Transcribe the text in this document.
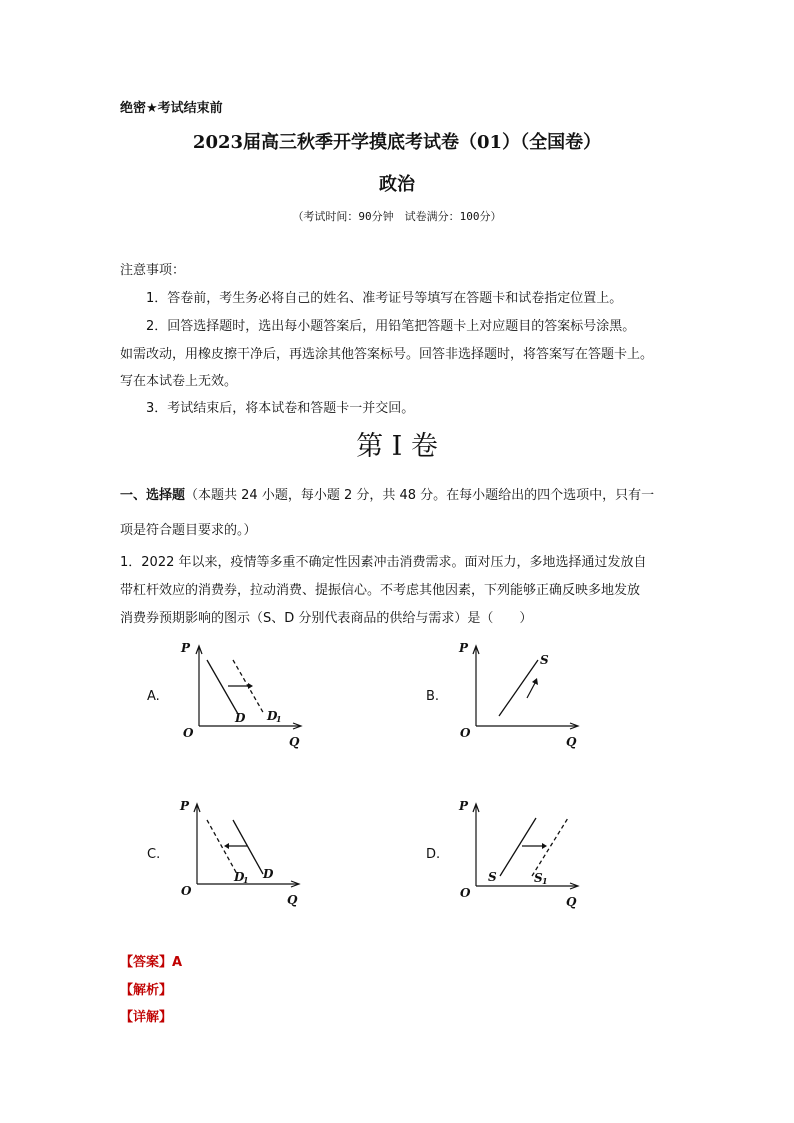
绝密★考试结束前
2023届高三秋季开学摸底考试卷（01）（全国卷）
政治
（考试时间：90分钟　试卷满分：100分）
注意事项：
1．答卷前，考生务必将自己的姓名、准考证号等填写在答题卡和试卷指定位置上。
2．回答选择题时，选出每小题答案后，用铅笔把答题卡上对应题目的答案标号涂黑。
如需改动，用橡皮擦干净后，再选涂其他答案标号。回答非选择题时，将答案写在答题卡上。
写在本试卷上无效。
3．考试结束后，将本试卷和答题卡一并交回。
第 I 卷
一、选择题（本题共 24 小题，每小题 2 分，共 48 分。在每小题给出的四个选项中，只有一
项是符合题目要求的。）
1．2022 年以来，疫情等多重不确定性因素冲击消费需求。面对压力，多地选择通过发放自
带杠杆效应的消费券，拉动消费、提振信心。不考虑其他因素，下列能够正确反映多地发放
消费券预期影响的图示（S、D 分别代表商品的供给与需求）是（　　）
A.	B.
C.	D.
P
O
Q
D D
1
P
O
Q
S
P
O
Q
D
1 D
P
O
Q
S	S 1
【答案】A
【解析】
【详解】
